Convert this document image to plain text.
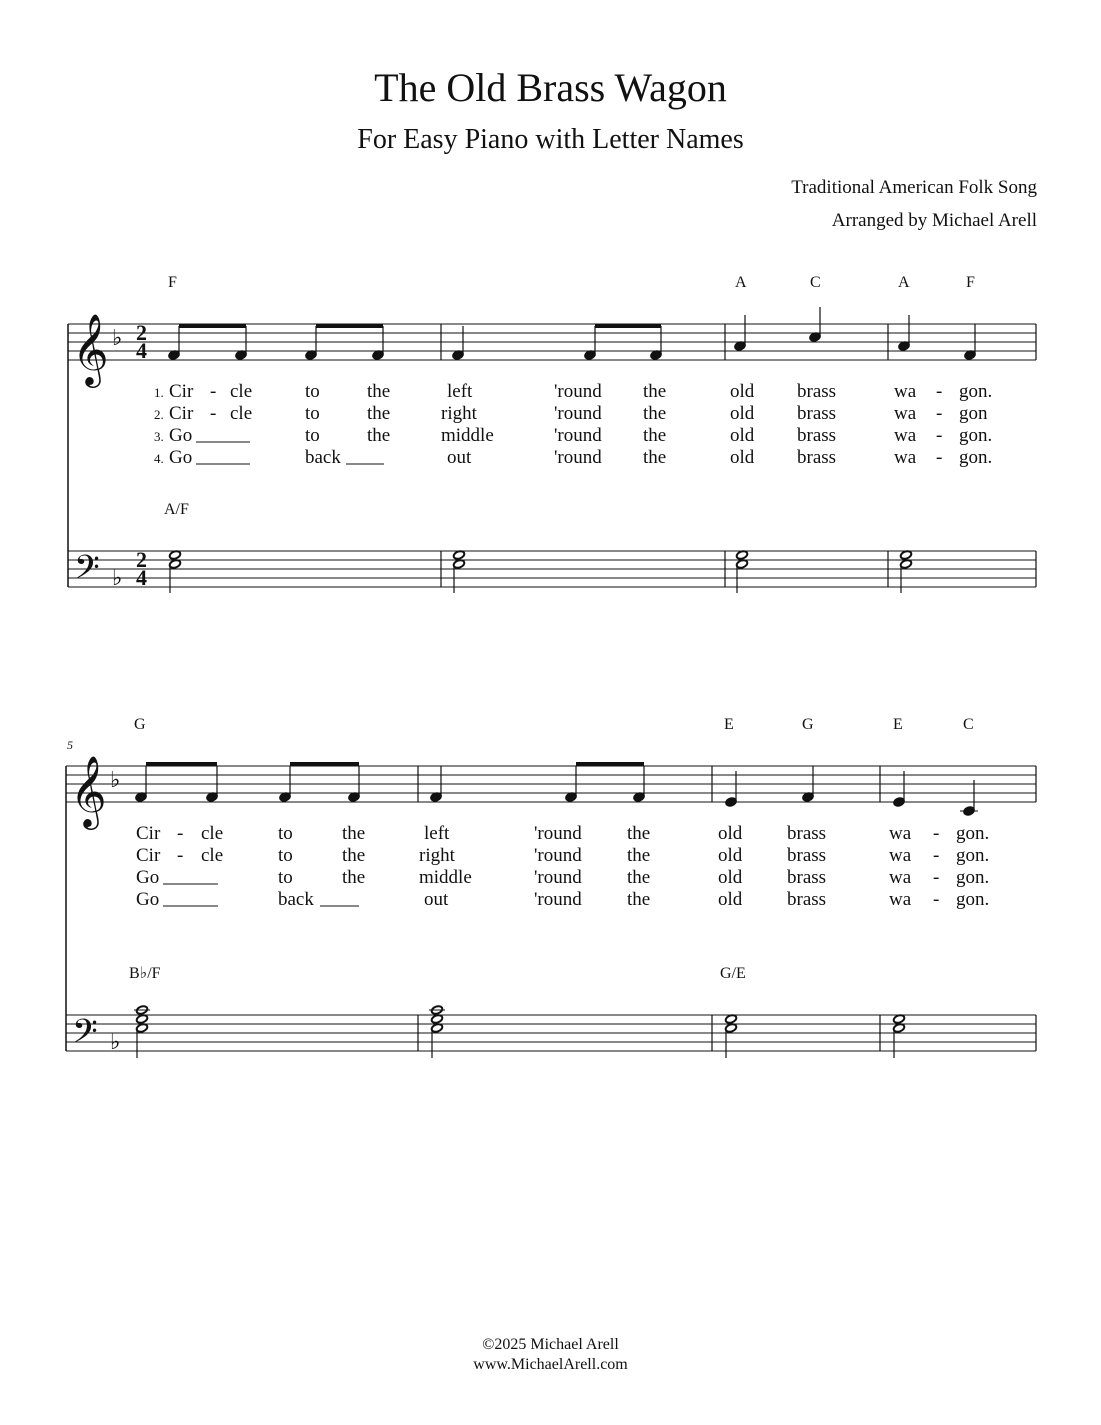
The Old Brass Wagon
For Easy Piano with Letter Names
Traditional American Folk Song
Arranged by Michael Arell
F	A	C	A	F
𝄞 ♭ 2
4
1. Cir - cle	to the	left	'round the	old brass	wa - gon.
2. Cir - cle	to the	right	'round the	old brass	wa - gon
3. Go	to the	middle	'round the	old brass	wa - gon.
4. Go	back	out	'round the	old brass	wa - gon.
A/F
𝄢 ♭
2
4
G	E	G	E	C
5
𝄞 ♭
Cir - cle	to	the	left	'round the	old brass	wa - gon.
Cir - cle	to	the	right	'round the	old brass	wa - gon.
Go	to	the	middle	'round the	old brass	wa - gon.
Go	back	out	'round the	old brass	wa - gon.
B♭/F	G/E
𝄢 ♭
©2025 Michael Arell
www.MichaelArell.com
